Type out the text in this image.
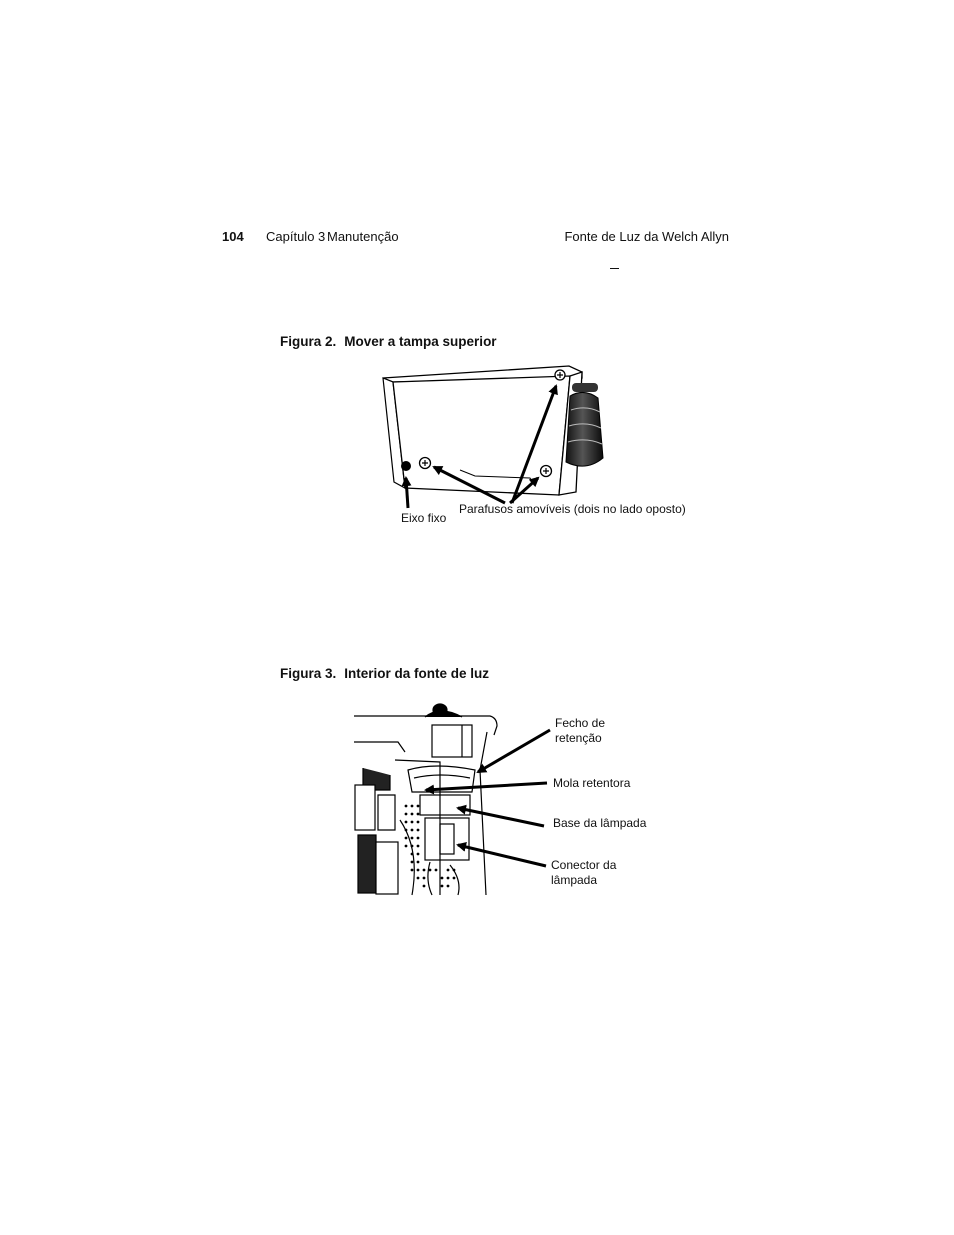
104 Capítulo 3 Manutenção	Fonte de Luz da Welch Allyn
Figura 2. Mover a tampa superior
Eixo fixo
Parafusos amovíveis (dois no lado oposto)
Figura 3. Interior da fonte de luz
Fecho de
retenção
Mola retentora
Base da lâmpada
Conector da
lâmpada
